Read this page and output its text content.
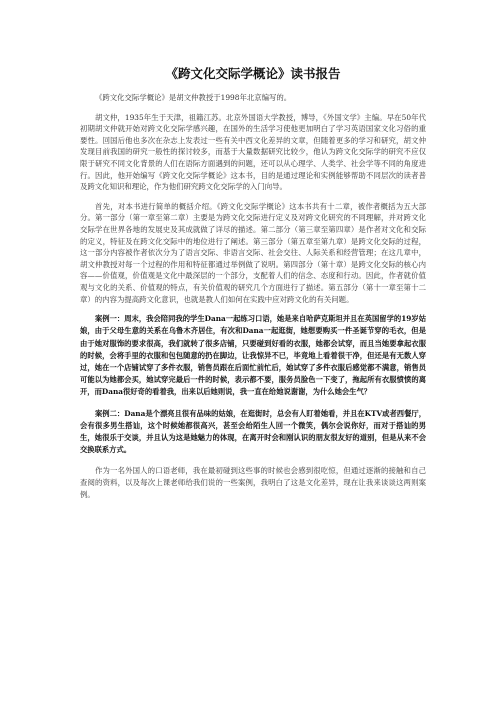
《跨文化交际学概论》读书报告

《跨文化交际学概论》是胡文仲教授于1998年北京编写的。

胡文仲，1935年生于天津，祖籍江苏。北京外国语大学教授，博导，《外国文学》主编。早在50年代初期胡文仲就开始对跨文化交际学感兴趣，在国外的生活学习使他更加明白了学习英语国家文化习俗的重要性。回国后他也多次在杂志上发表过一些有关中西文化差异的文章，但随着更多的学习和研究，胡文仲发现目前我国的研究一般性的探讨较多，而基于大量数据研究比较少，他认为跨文化交际学的研究不应仅限于研究不同文化背景的人们在语际方面遇到的问题，还可以从心理学、人类学、社会学等不同的角度进行。因此，他开始编写《跨文化交际学概论》这本书，目的是通过理论和实例能够帮助不同层次的读者普及跨文化知识和理论，作为他们研究跨文化交际学的入门向导。

首先，对本书进行简单的概括介绍。《跨文化交际学概论》这本书共有十二章，被作者概括为五大部分。第一部分（第一章至第二章）主要是为跨文化交际进行定义及对跨文化研究的不同理解，并对跨文化交际学在世界各地的发展史及其成就做了详尽的描述。第二部分（第三章至第四章）是作者对文化和交际的定义，特征及在跨文化交际中的地位进行了阐述。第三部分（第五章至第九章）是跨文化交际的过程，这一部分内容被作者依次分为了语言交际、非语言交际、社会交往、人际关系和经营管理；在这几章中，胡文仲教授对每一个过程的作用和特征都通过举例做了说明。第四部分（第十章）是跨文化交际的核心内容——价值观，价值观是文化中最深层的一个部分，支配着人们的信念、态度和行动。因此，作者就价值观与文化的关系、价值观的特点，有关价值观的研究几个方面进行了描述。第五部分（第十一章至第十二章）的内容为提高跨文化意识，也就是教人们如何在实践中应对跨文化的有关问题。

案例一：周末，我会陪同我的学生Dana一起练习口语，她是来自哈萨克斯坦并且在英国留学的19岁姑娘，由于父母生意的关系在乌鲁木齐居住，有次和Dana一起逛街，她想要购买一件圣诞节穿的毛衣，但是由于她对服饰的要求很高，我们就转了很多店铺，只要碰到好看的衣服，她都会试穿，而且当她要拿起衣服的时候，会将手里的衣服和包包随意的扔在脚边，让我惊异不已，毕竟地上看着很干净，但还是有无数人穿过，她在一个店铺试穿了多件衣服，销售员跟在后面忙前忙后，她试穿了多件衣服后感觉都不满意，销售员可能以为她都会买，她试穿完最后一件的时候，表示都不要，服务员脸色一下变了，拖起所有衣服愤愤的离开，而Dana很好奇的看着我，出来以后她则说，我一直在给她说谢谢，为什么她会生气？

案例二：Dana是个漂亮且很有品味的姑娘，在逛街时，总会有人盯着她看，并且在KTV或者西餐厅，会有很多男生搭讪，这个时候她都很高兴，甚至会给陌生人回一个微笑，偶尔会说你好，而对于搭讪的男生，她很乐于交谈，并且认为这是她魅力的体现，在离开时会和刚认识的朋友很友好的道别，但是从来不会交换联系方式。

作为一名外国人的口语老师，我在最初碰到这些事的时候也会感到很吃惊，但通过逐渐的接触和自己查阅的资料，以及每次上课老师给我们说的一些案例，我明白了这是文化差异，现在让我来谈谈这两则案例。
